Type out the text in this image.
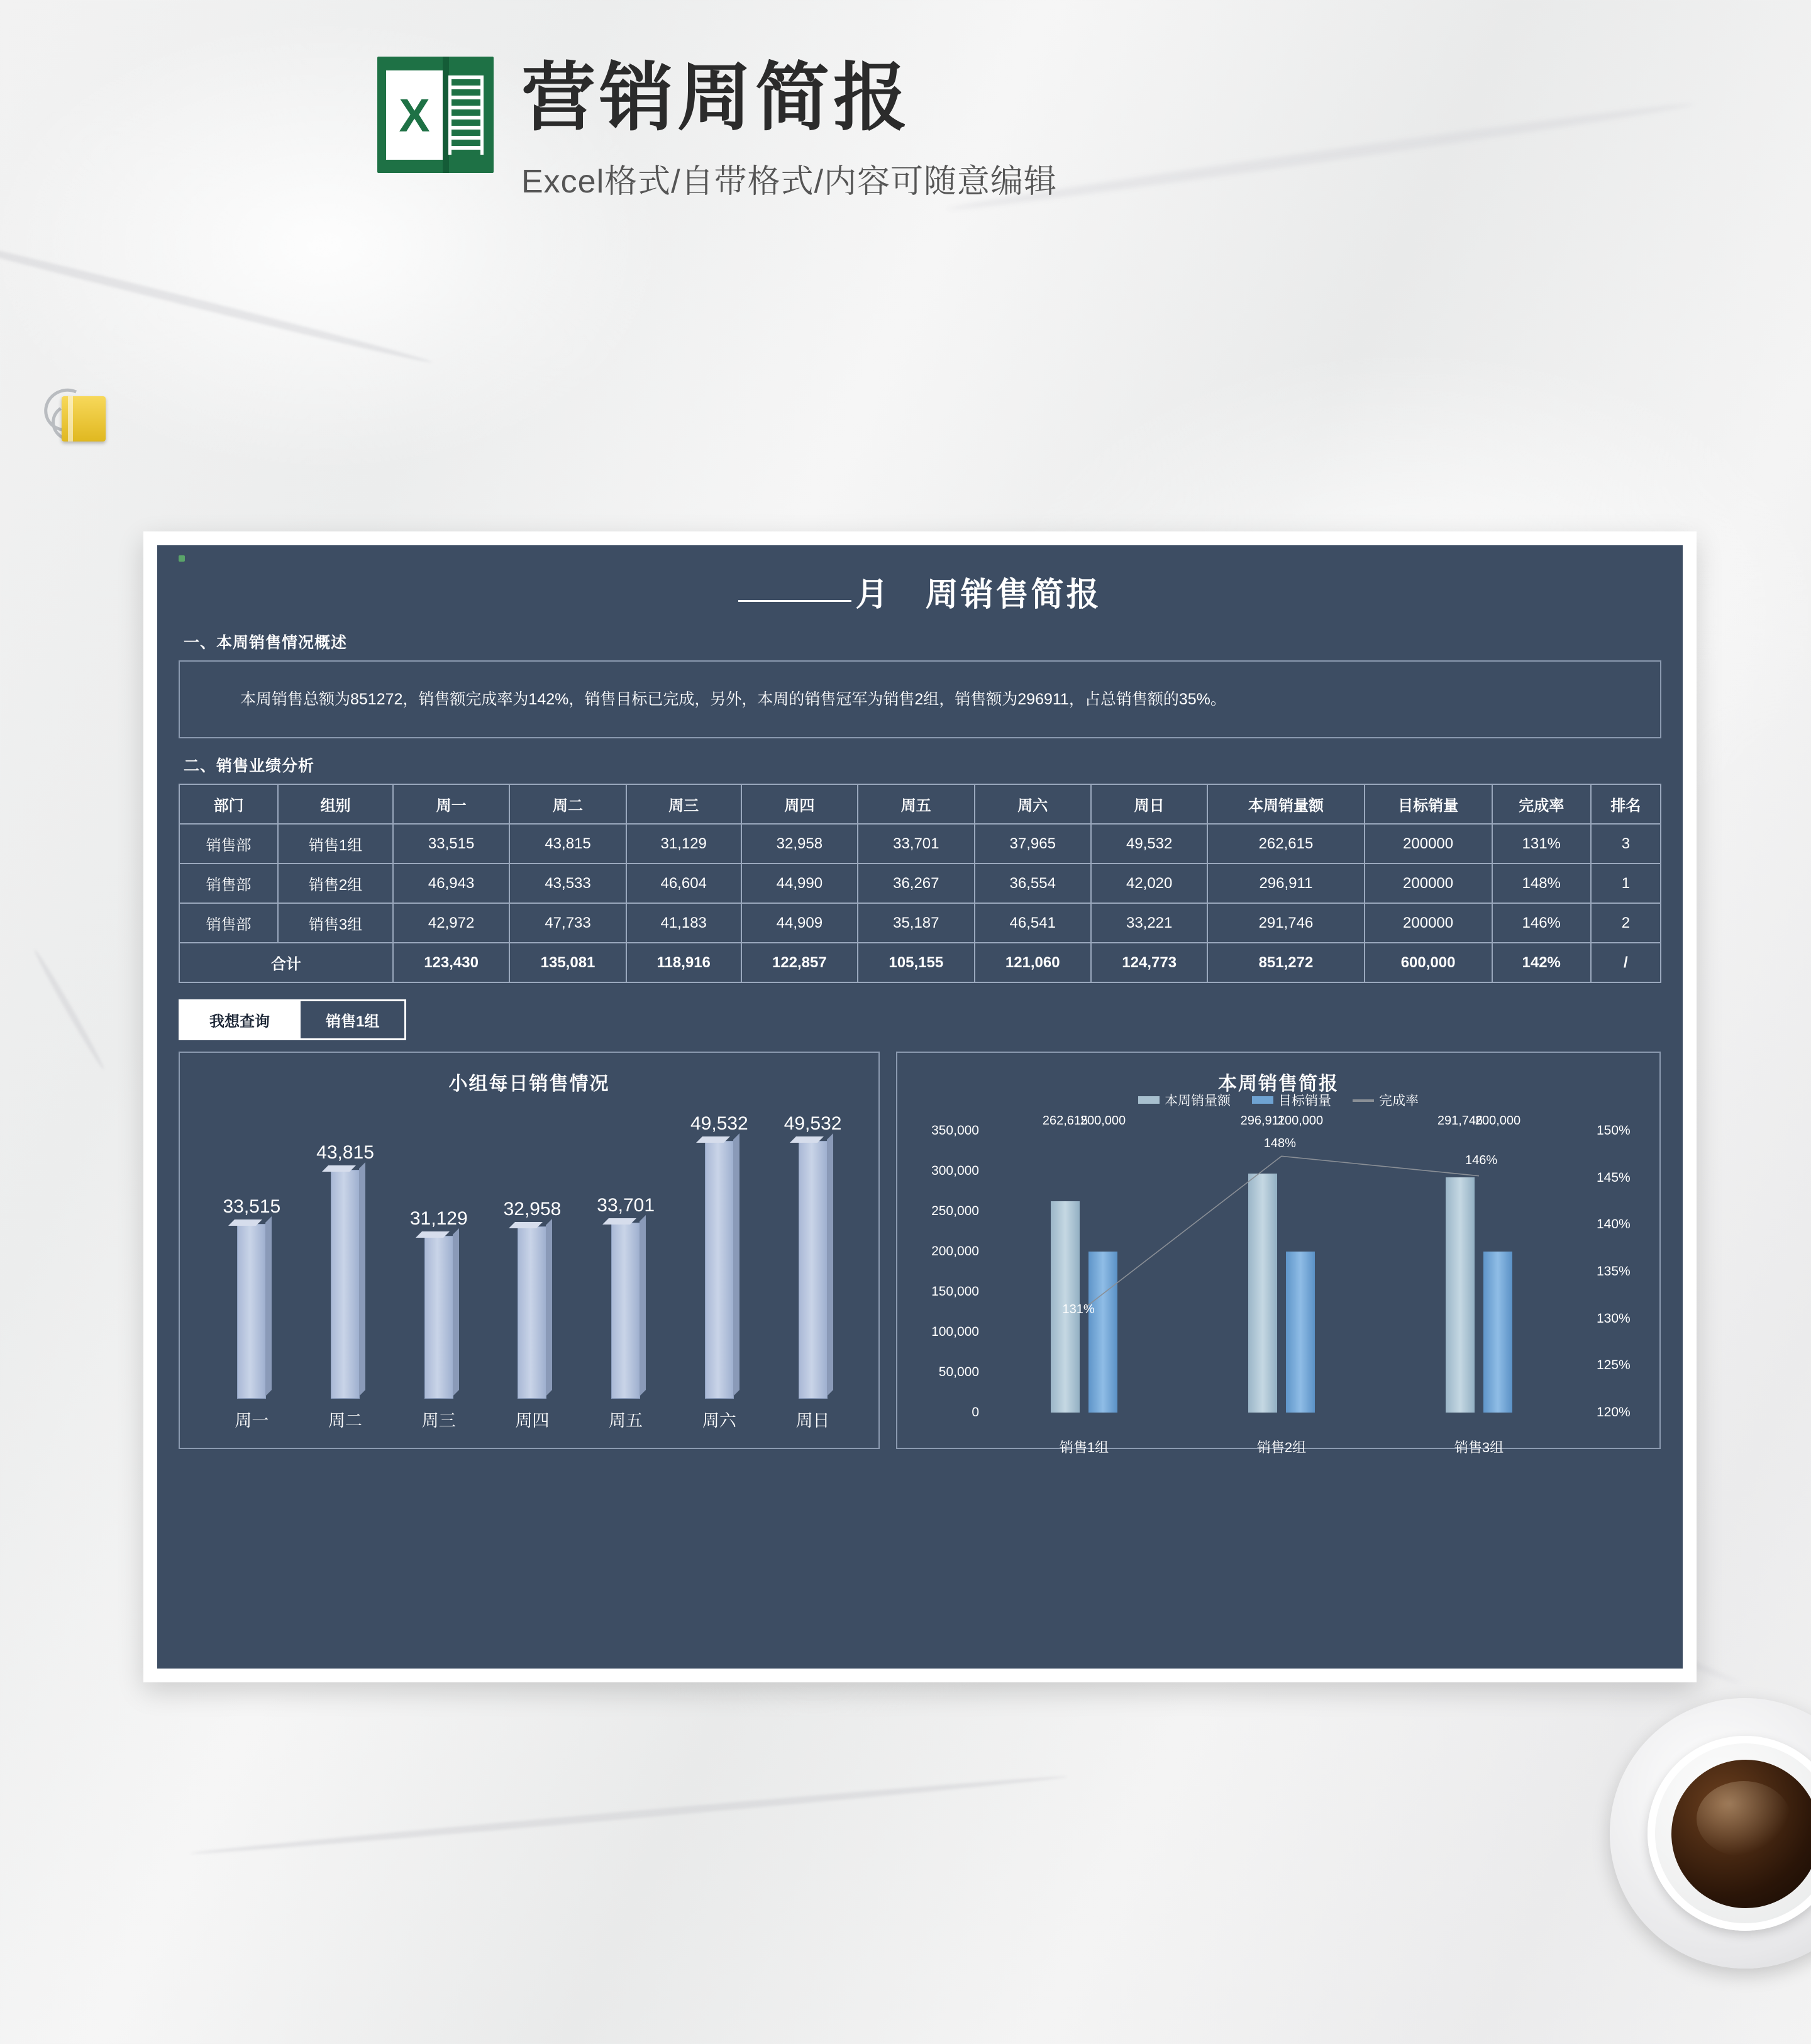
X 营销周简报
Excel格式/自带格式/内容可随意编辑
月 周销售简报
一、本周销售情况概述

本周销售总额为851272，销售额完成率为142%，销售目标已完成，另外，本周的销售冠军为销售2组，销售额为296911，占总销售额的35%。

二、销售业绩分析
部门	组别	周一	周二	周三	周四	周五	周六	周日	本周销量额	目标销量	完成率	排名
销售部	销售1组	33,515	43,815	31,129	32,958	33,701	37,965	49,532	262,615	200000	131%	3
销售部	销售2组	46,943	43,533	46,604	44,990	36,267	36,554	42,020	296,911	200000	148%	1
销售部	销售3组	42,972	47,733	41,183	44,909	35,187	46,541	33,221	291,746	200000	146%	2
合计		123,430	135,081	118,916	122,857	105,155	121,060	124,773	851,272	600,000	142%	/
我想查询	销售1组
小组每日销售情况
33,515
43,815
31,129 32,958 33,701
49,532 49,532
周一	周二	周三	周四	周五	周六	周日
本周销售简报
本周销量额	目标销量	完成率
350,000
300,000
250,000
200,000
150,000
100,000
50,000
0
150%
145%
140%
135%
130%
125%
120%
262,615
200,000	296,911
200,000	291,746
200,000
131%
148%
146%
销售1组	销售2组	销售3组
